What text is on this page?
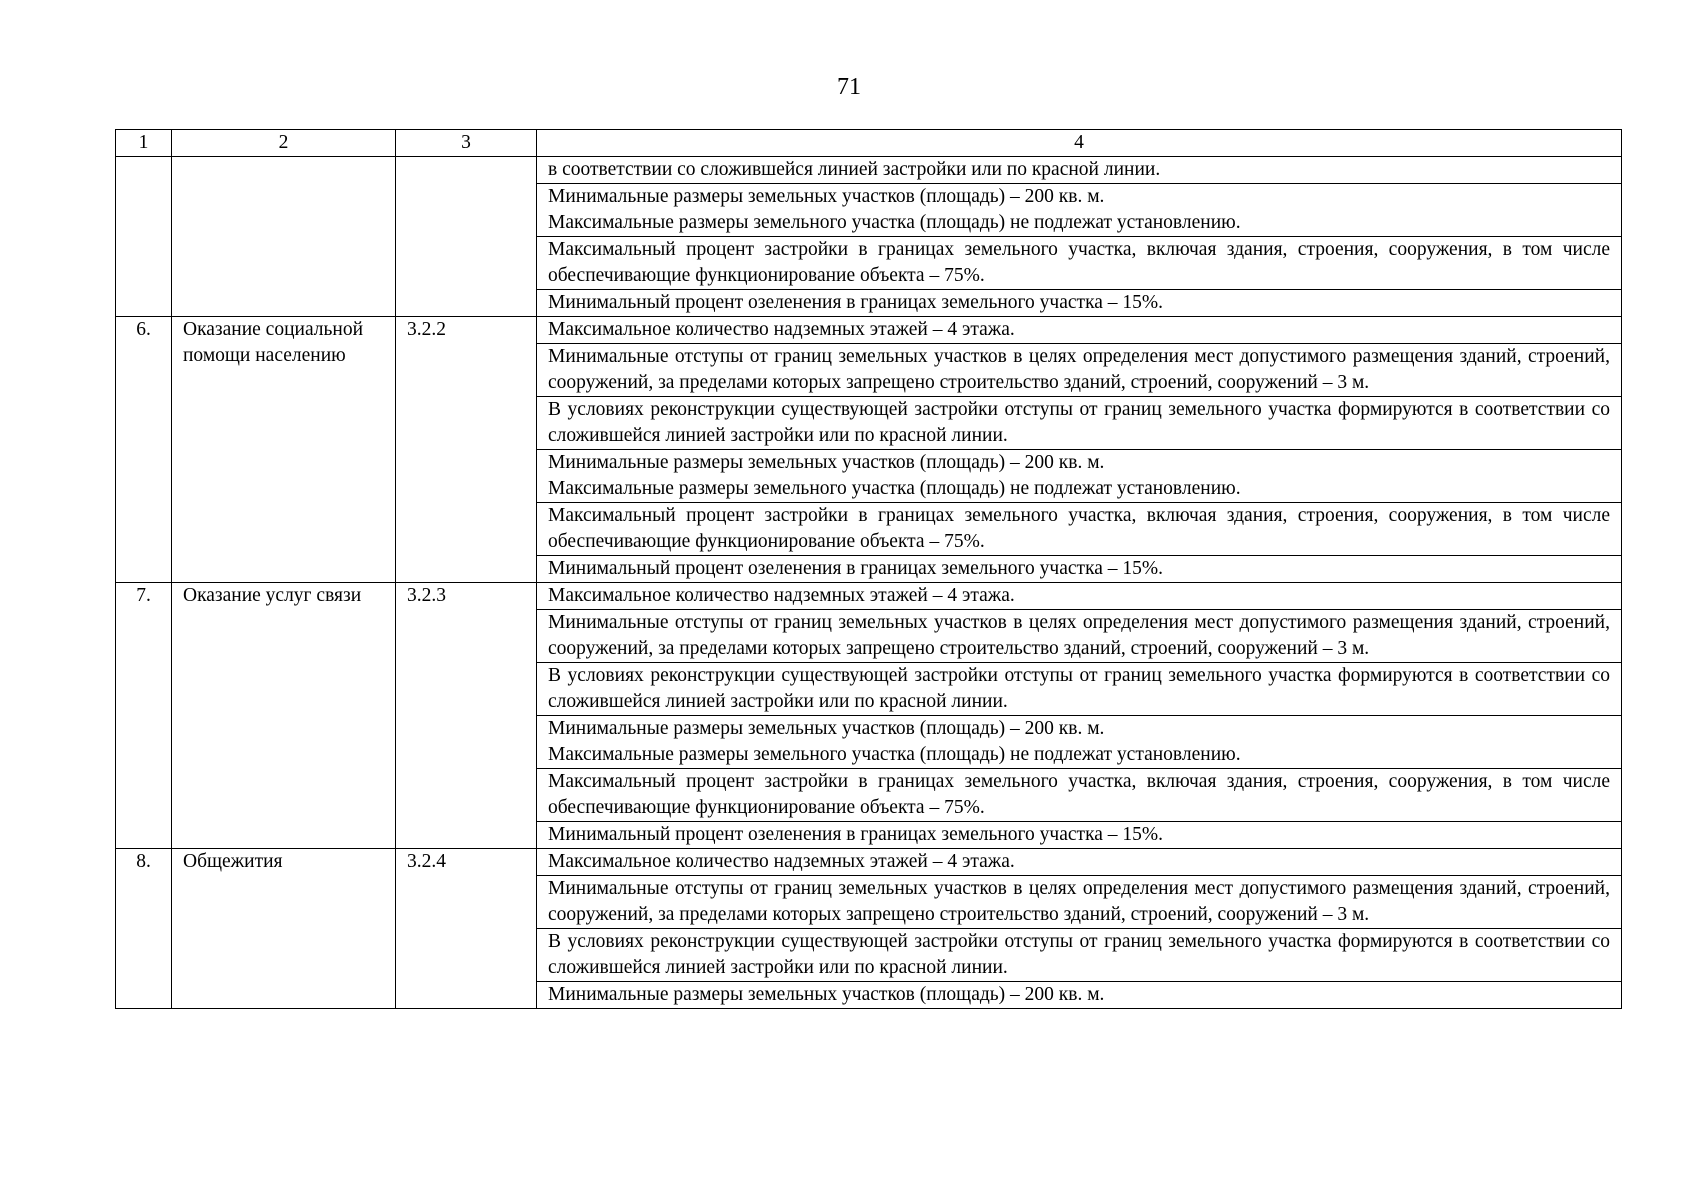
71
1	2	3	4
			в соответствии со сложившейся линией застройки или по красной линии.
			Минимальные размеры земельных участков (площадь) – 200 кв. м.
Максимальные размеры земельного участка (площадь) не подлежат установлению.
			Максимальный процент застройки в границах земельного участка, включая здания, строения, сооружения, в том числе обеспечивающие функционирование объекта – 75%.
			Минимальный процент озеленения в границах земельного участка – 15%.
6.	Оказание социальной помощи населению	3.2.2	Максимальное количество надземных этажей – 4 этажа.
			Минимальные отступы от границ земельных участков в целях определения мест допустимого размещения зданий, строений, сооружений, за пределами которых запрещено строительство зданий, строений, сооружений – 3 м.
			В условиях реконструкции существующей застройки отступы от границ земельного участка формируются в соответствии со сложившейся линией застройки или по красной линии.
			Минимальные размеры земельных участков (площадь) – 200 кв. м.
Максимальные размеры земельного участка (площадь) не подлежат установлению.
			Максимальный процент застройки в границах земельного участка, включая здания, строения, сооружения, в том числе обеспечивающие функционирование объекта – 75%.
			Минимальный процент озеленения в границах земельного участка – 15%.
7.	Оказание услуг связи	3.2.3	Максимальное количество надземных этажей – 4 этажа.
			Минимальные отступы от границ земельных участков в целях определения мест допустимого размещения зданий, строений, сооружений, за пределами которых запрещено строительство зданий, строений, сооружений – 3 м.
			В условиях реконструкции существующей застройки отступы от границ земельного участка формируются в соответствии со сложившейся линией застройки или по красной линии.
			Минимальные размеры земельных участков (площадь) – 200 кв. м.
Максимальные размеры земельного участка (площадь) не подлежат установлению.
			Максимальный процент застройки в границах земельного участка, включая здания, строения, сооружения, в том числе обеспечивающие функционирование объекта – 75%.
			Минимальный процент озеленения в границах земельного участка – 15%.
8.	Общежития	3.2.4	Максимальное количество надземных этажей – 4 этажа.
			Минимальные отступы от границ земельных участков в целях определения мест допустимого размещения зданий, строений, сооружений, за пределами которых запрещено строительство зданий, строений, сооружений – 3 м.
			В условиях реконструкции существующей застройки отступы от границ земельного участка формируются в соответствии со сложившейся линией застройки или по красной линии.
			Минимальные размеры земельных участков (площадь) – 200 кв. м.
